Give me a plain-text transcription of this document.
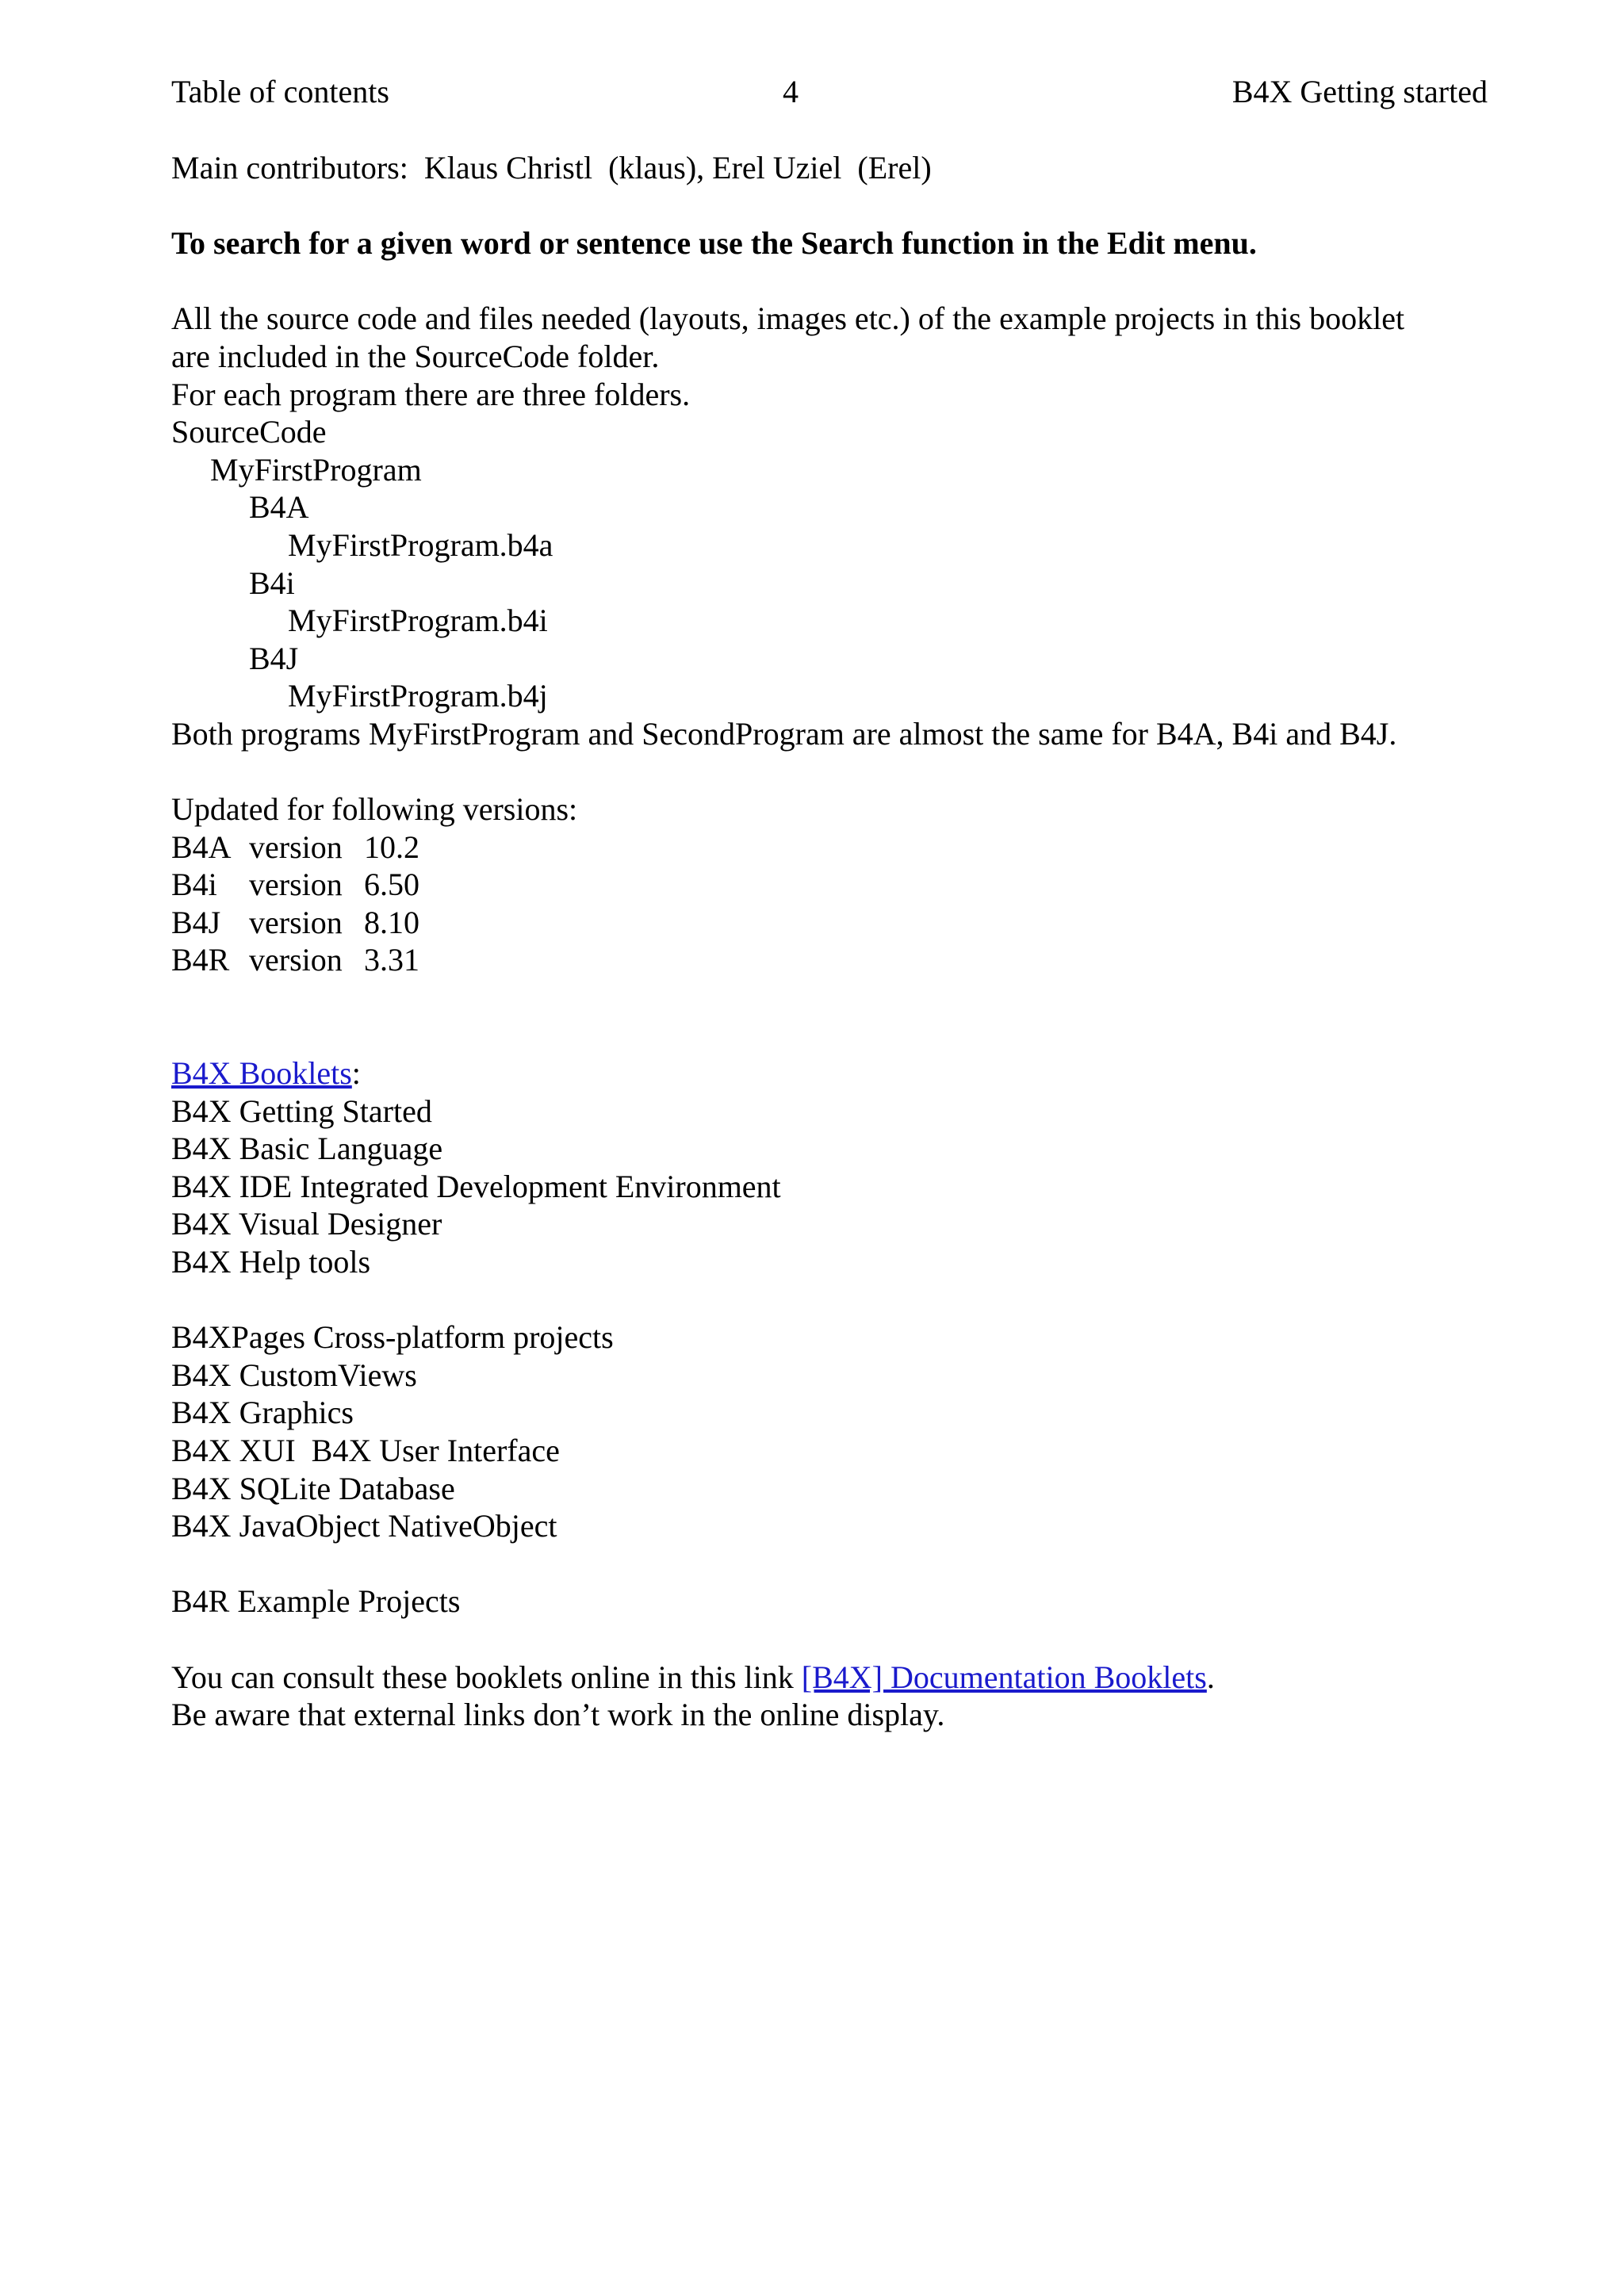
Table of contents	4	B4X Getting started
Main contributors:  Klaus Christl  (klaus), Erel Uziel  (Erel)
To search for a given word or sentence use the Search function in the Edit menu.
All the source code and files needed (layouts, images etc.) of the example projects in this booklet
are included in the SourceCode folder.
For each program there are three folders.
SourceCode
MyFirstProgram
B4A
MyFirstProgram.b4a
B4i
MyFirstProgram.b4i
B4J
MyFirstProgram.b4j
Both programs MyFirstProgram and SecondProgram are almost the same for B4A, B4i and B4J.
Updated for following versions:
B4A version 10.2
B4i	version 6.50
B4J version 8.10
B4R version 3.31
B4X Booklets:
B4X Getting Started
B4X Basic Language
B4X IDE Integrated Development Environment
B4X Visual Designer
B4X Help tools
B4XPages Cross-platform projects
B4X CustomViews
B4X Graphics
B4X XUI  B4X User Interface
B4X SQLite Database
B4X JavaObject NativeObject
B4R Example Projects
You can consult these booklets online in this link [B4X] Documentation Booklets.
Be aware that external links don’t work in the online display.
